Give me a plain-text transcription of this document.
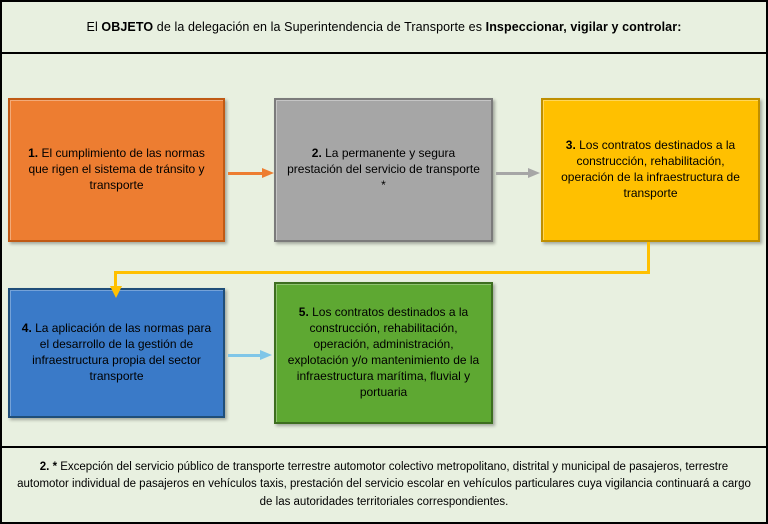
El OBJETO de la delegación en la Superintendencia de Transporte es Inspeccionar, vigilar y controlar:
1. El cumplimiento de las normas que rigen el sistema de tránsito y transporte
2. La permanente y segura prestación del servicio de transporte *
3. Los contratos destinados a la construcción, rehabilitación, operación de la infraestructura de transporte
4. La aplicación de las normas para el desarrollo de la gestión de infraestructura propia del sector transporte
5. Los contratos destinados a la construcción, rehabilitación, operación, administración, explotación y/o mantenimiento de la infraestructura marítima, fluvial y portuaria
2. * Excepción del servicio público de transporte terrestre automotor colectivo metropolitano, distrital y municipal de pasajeros, terrestre automotor individual de pasajeros en vehículos taxis, prestación del servicio escolar en vehículos particulares cuya vigilancia continuará a cargo de las autoridades territoriales correspondientes.
